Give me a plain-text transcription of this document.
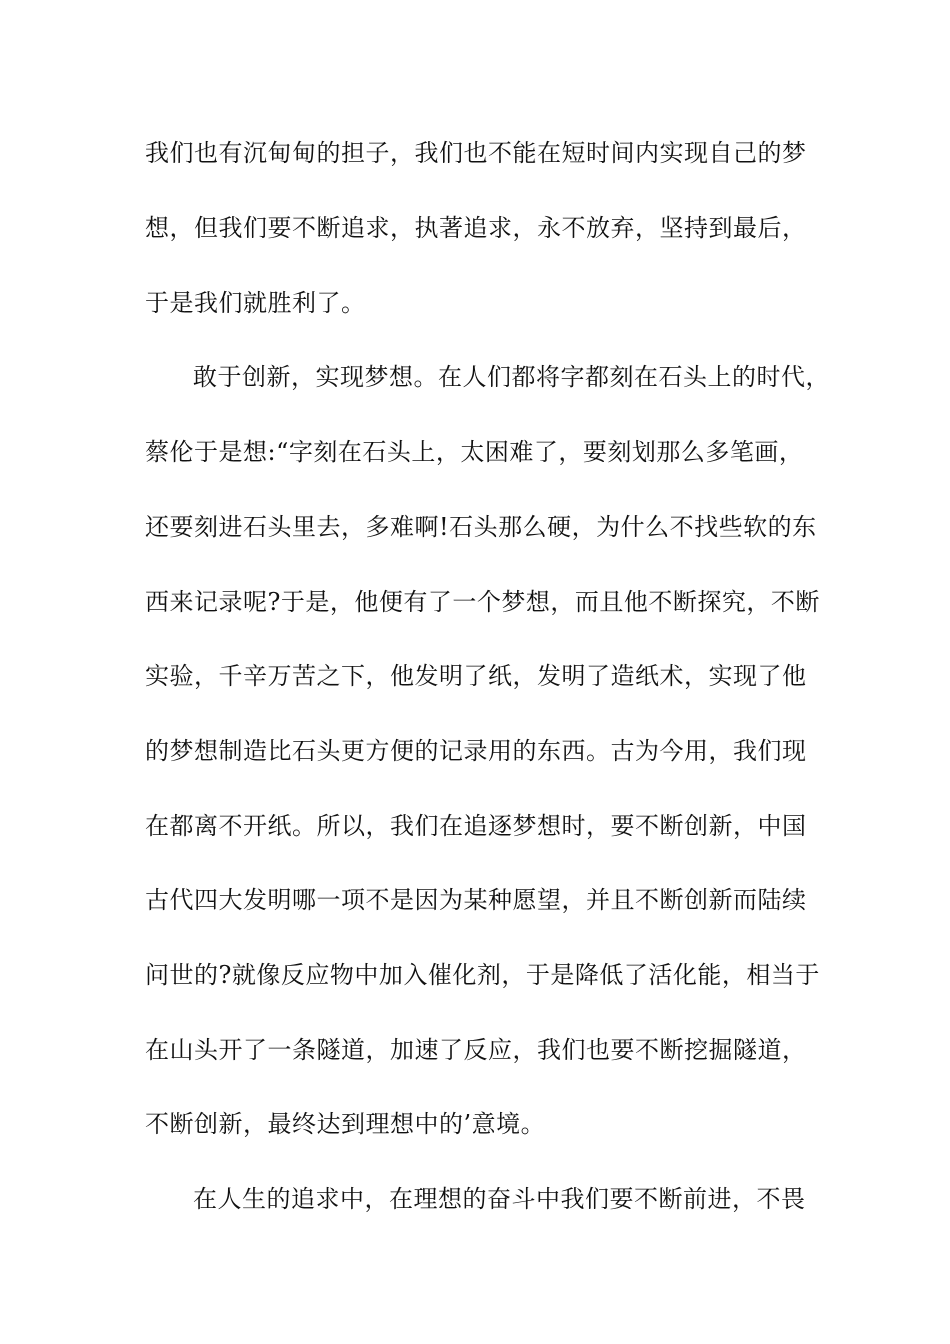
我们也有沉甸甸的担子，我们也不能在短时间内实现自己的梦
想，但我们要不断追求，执著追求，永不放弃，坚持到最后，
于是我们就胜利了。
敢于创新，实现梦想。在人们都将字都刻在石头上的时代，
蔡伦于是想:“字刻在石头上，太困难了，要刻划那么多笔画，
还要刻进石头里去，多难啊!石头那么硬，为什么不找些软的东
西来记录呢?于是，他便有了一个梦想，而且他不断探究，不断
实验，千辛万苦之下，他发明了纸，发明了造纸术，实现了他
的梦想制造比石头更方便的记录用的东西。古为今用，我们现
在都离不开纸。所以，我们在追逐梦想时，要不断创新，中国
古代四大发明哪一项不是因为某种愿望，并且不断创新而陆续
问世的?就像反应物中加入催化剂，于是降低了活化能，相当于
在山头开了一条隧道，加速了反应，我们也要不断挖掘隧道，
不断创新，最终达到理想中的’意境。
在人生的追求中，在理想的奋斗中我们要不断前进，不畏
